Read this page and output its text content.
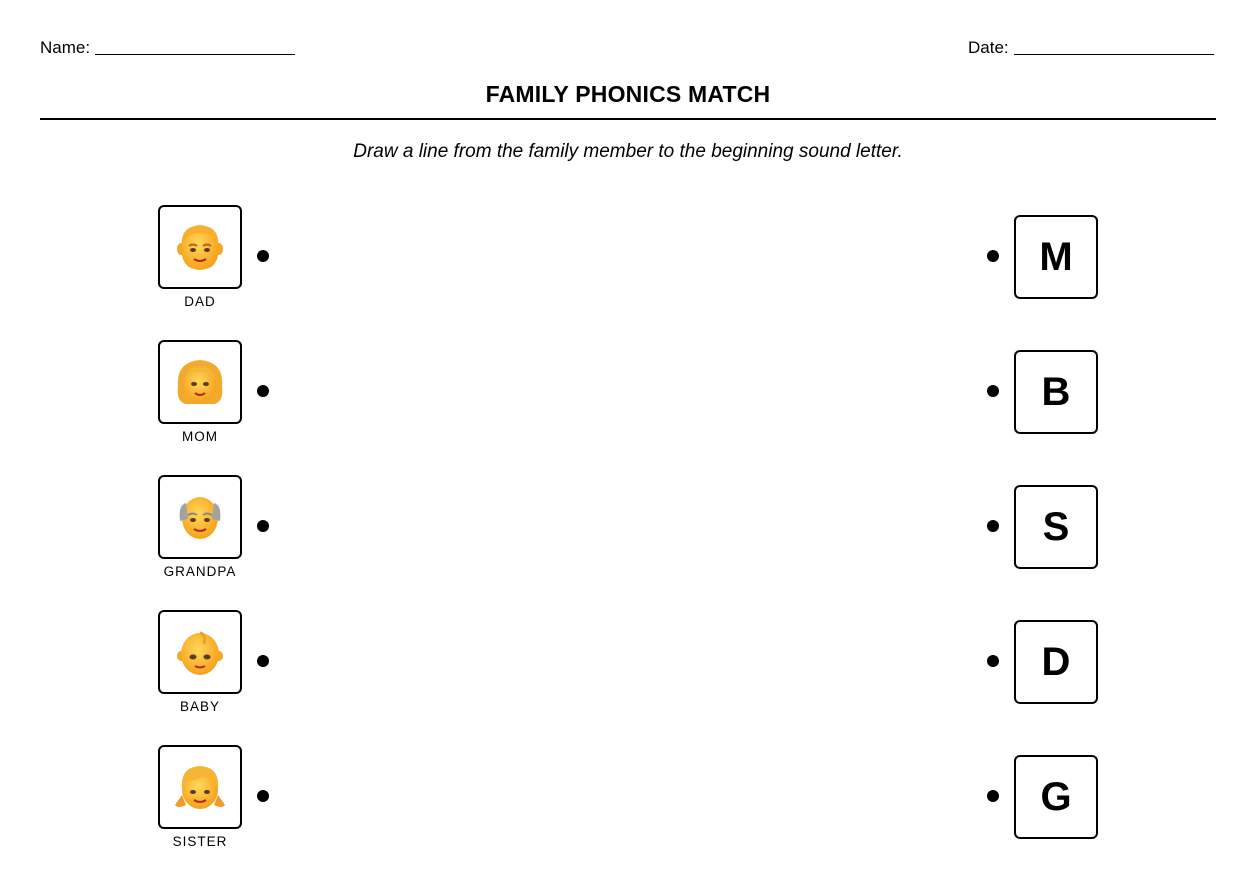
Name:	Date:
FAMILY PHONICS MATCH
Draw a line from the family member to the beginning sound letter.
DAD
M
MOM
B
GRANDPA
S
BABY
D
SISTER
G
